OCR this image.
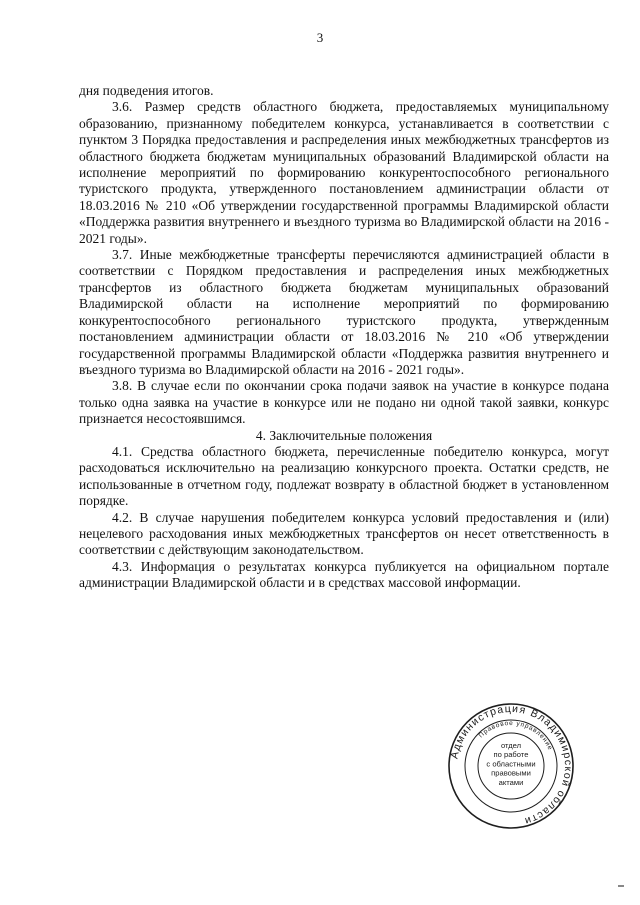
3

дня подведения итогов.

3.6. Размер средств областного бюджета, предоставляемых муниципальному образованию, признанному победителем конкурса, устанавливается в соответствии с пунктом 3 Порядка предоставления и распределения иных межбюджетных трансфертов из областного бюджета бюджетам муниципальных образований Владимирской области на исполнение мероприятий по формированию конкурентоспособного регионального туристского продукта, утвержденного постановлением администрации области от 18.03.2016 № 210 «Об утверждении государственной программы Владимирской области «Поддержка развития внутреннего и въездного туризма во Владимирской области на 2016 - 2021 годы».

3.7. Иные межбюджетные трансферты перечисляются администрацией области в соответствии с Порядком предоставления и распределения иных межбюджетных трансфертов из областного бюджета бюджетам муниципальных образований Владимирской области на исполнение мероприятий по формированию конкурентоспособного регионального туристского продукта, утвержденным постановлением администрации области от 18.03.2016 № 210 «Об утверждении государственной программы Владимирской области «Поддержка развития внутреннего и въездного туризма во Владимирской области на 2016 - 2021 годы».

3.8. В случае если по окончании срока подачи заявок на участие в конкурсе подана только одна заявка на участие в конкурсе или не подано ни одной такой заявки, конкурс признается несостоявшимся.

4. Заключительные положения

4.1. Средства областного бюджета, перечисленные победителю конкурса, могут расходоваться исключительно на реализацию конкурсного проекта. Остатки средств, не использованные в отчетном году, подлежат возврату в областной бюджет в установленном порядке.

4.2. В случае нарушения победителем конкурса условий предоставления и (или) нецелевого расходования иных межбюджетных трансфертов он несет ответственность в соответствии с действующим законодательством.

4.3. Информация о результатах конкурса публикуется на официальном портале администрации Владимирской области и в средствах массовой информации.

Администрация Владимирской области
Правовое управление
отдел
по работе
с областными
правовыми
актами
